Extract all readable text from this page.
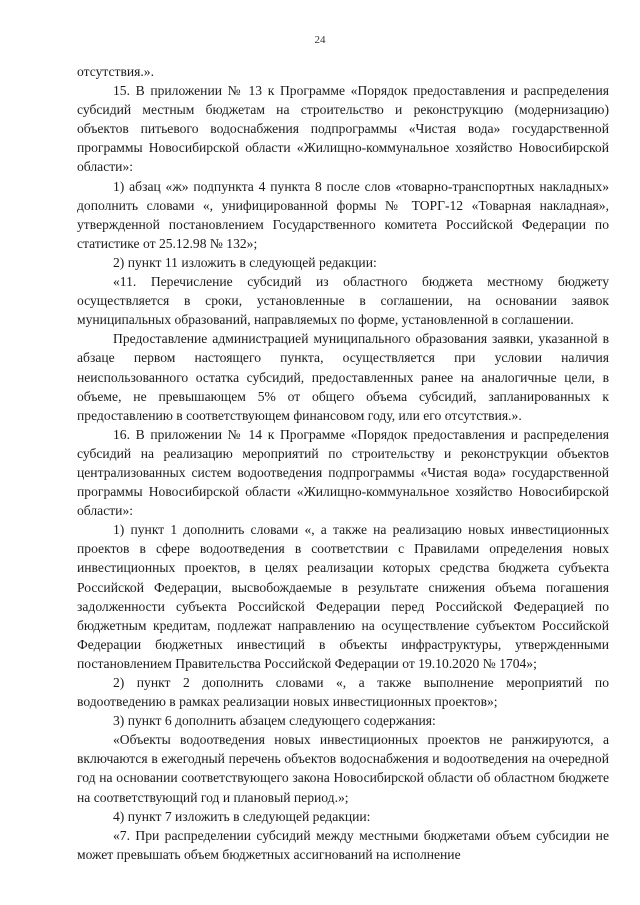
24

отсутствия.».

15. В приложении № 13 к Программе «Порядок предоставления и распределения субсидий местным бюджетам на строительство и реконструкцию (модернизацию) объектов питьевого водоснабжения подпрограммы «Чистая вода» государственной программы Новосибирской области «Жилищно-коммунальное хозяйство Новосибирской области»:

1) абзац «ж» подпункта 4 пункта 8 после слов «товарно-транспортных накладных» дополнить словами «, унифицированной формы № ТОРГ-12 «Товарная накладная», утвержденной постановлением Государственного комитета Российской Федерации по статистике от 25.12.98 № 132»;

2) пункт 11 изложить в следующей редакции:

«11. Перечисление субсидий из областного бюджета местному бюджету осуществляется в сроки, установленные в соглашении, на основании заявок муниципальных образований, направляемых по форме, установленной в соглашении.

Предоставление администрацией муниципального образования заявки, указанной в абзаце первом настоящего пункта, осуществляется при условии наличия неиспользованного остатка субсидий, предоставленных ранее на аналогичные цели, в объеме, не превышающем 5% от общего объема субсидий, запланированных к предоставлению в соответствующем финансовом году, или его отсутствия.».

16. В приложении № 14 к Программе «Порядок предоставления и распределения субсидий на реализацию мероприятий по строительству и реконструкции объектов централизованных систем водоотведения подпрограммы «Чистая вода» государственной программы Новосибирской области «Жилищно-коммунальное хозяйство Новосибирской области»:

1) пункт 1 дополнить словами «, а также на реализацию новых инвестиционных проектов в сфере водоотведения в соответствии с Правилами определения новых инвестиционных проектов, в целях реализации которых средства бюджета субъекта Российской Федерации, высвобождаемые в результате снижения объема погашения задолженности субъекта Российской Федерации перед Российской Федерацией по бюджетным кредитам, подлежат направлению на осуществление субъектом Российской Федерации бюджетных инвестиций в объекты инфраструктуры, утвержденными постановлением Правительства Российской Федерации от 19.10.2020 № 1704»;

2) пункт 2 дополнить словами «, а также выполнение мероприятий по водоотведению в рамках реализации новых инвестиционных проектов»;

3) пункт 6 дополнить абзацем следующего содержания:

«Объекты водоотведения новых инвестиционных проектов не ранжируются, а включаются в ежегодный перечень объектов водоснабжения и водоотведения на очередной год на основании соответствующего закона Новосибирской области об областном бюджете на соответствующий год и плановый период.»;

4) пункт 7 изложить в следующей редакции:

«7. При распределении субсидий между местными бюджетами объем субсидии не может превышать объем бюджетных ассигнований на исполнение
